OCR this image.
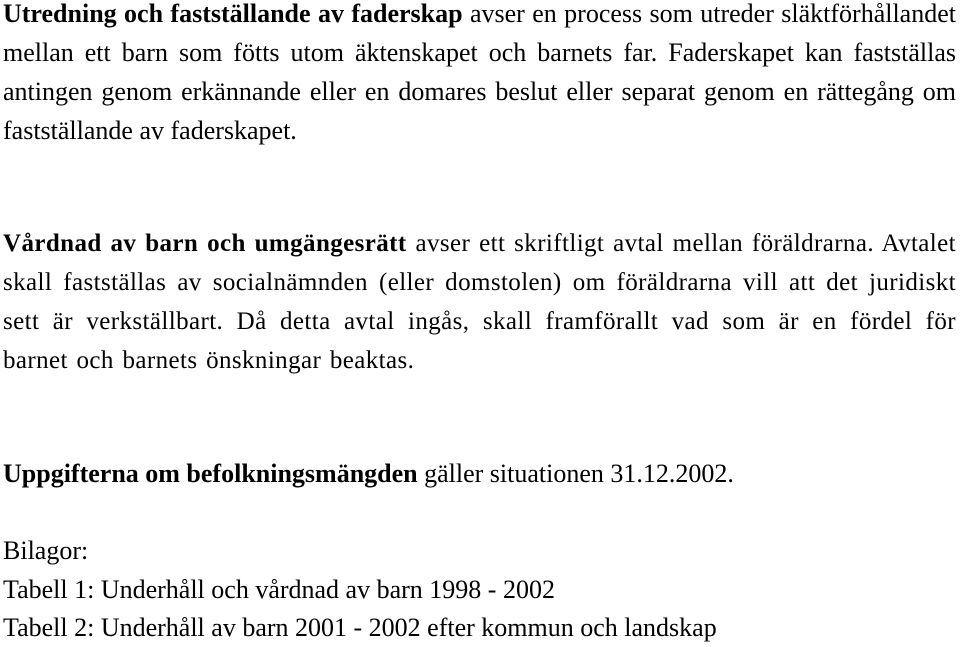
Utredning och fastställande av faderskap avser en process som utreder släktförhållandet mellan ett barn som fötts utom äktenskapet och barnets far. Faderskapet kan fastställas antingen genom erkännande eller en domares beslut eller separat genom en rättegång om fastställande av faderskapet.

Vårdnad av barn och umgängesrätt avser ett skriftligt avtal mellan föräldrarna. Avtalet skall fastställas av socialnämnden (eller domstolen) om föräldrarna vill att det juridiskt sett är verkställbart. Då detta avtal ingås, skall framförallt vad som är en fördel för barnet och barnets önskningar beaktas.

Uppgifterna om befolkningsmängden gäller situationen 31.12.2002.

Bilagor:

Tabell 1: Underhåll och vårdnad av barn 1998 - 2002

Tabell 2: Underhåll av barn 2001 - 2002 efter kommun och landskap
